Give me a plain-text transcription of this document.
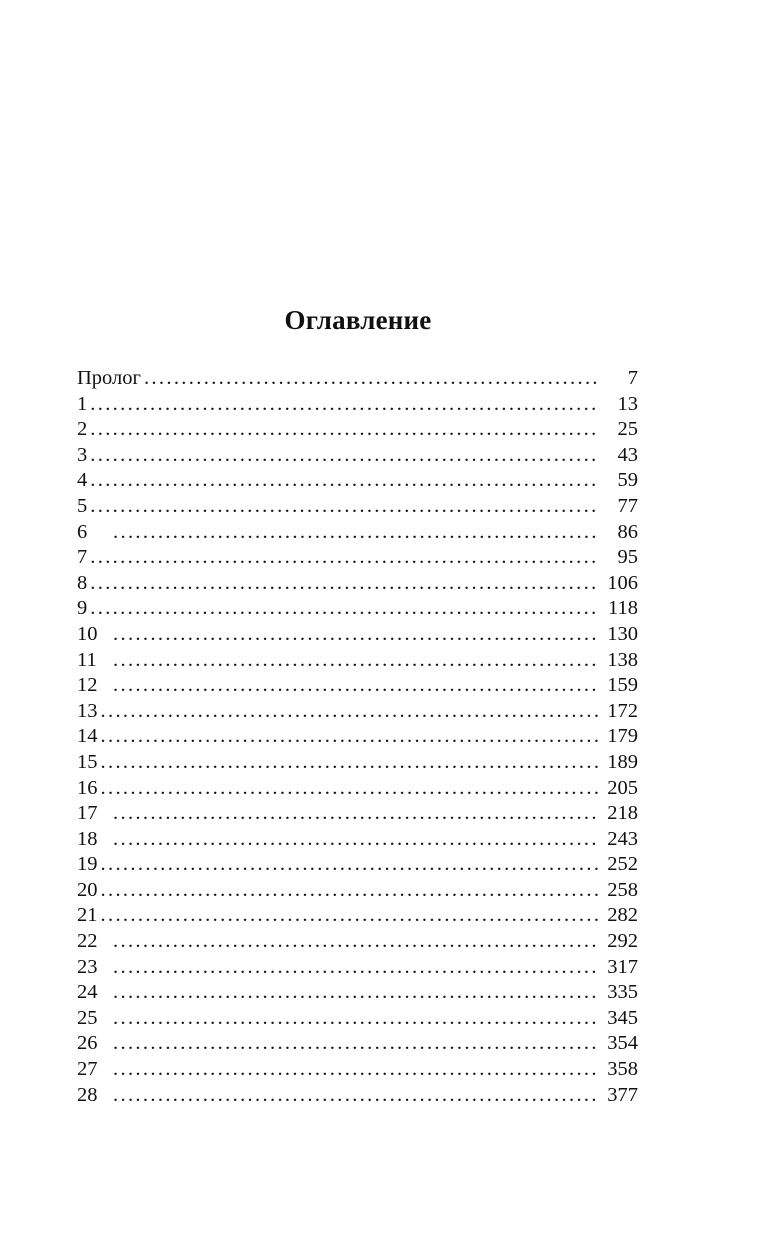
Оглавление
Пролог .....	7
1 .....	13
2 .....	25
3 .....	43
4 .....	59
5 .....	77
6 .....	86
7 .....	95
8 .....	106
9 .....	118
10 .....	130
11 .....	138
12 .....	159
13 .....	172
14 .....	179
15 .....	189
16 .....	205
17 .....	218
18 .....	243
19 .....	252
20 .....	258
21 .....	282
22 .....	292
23 .....	317
24 .....	335
25 .....	345
26 .....	354
27 .....	358
28 .....	377
